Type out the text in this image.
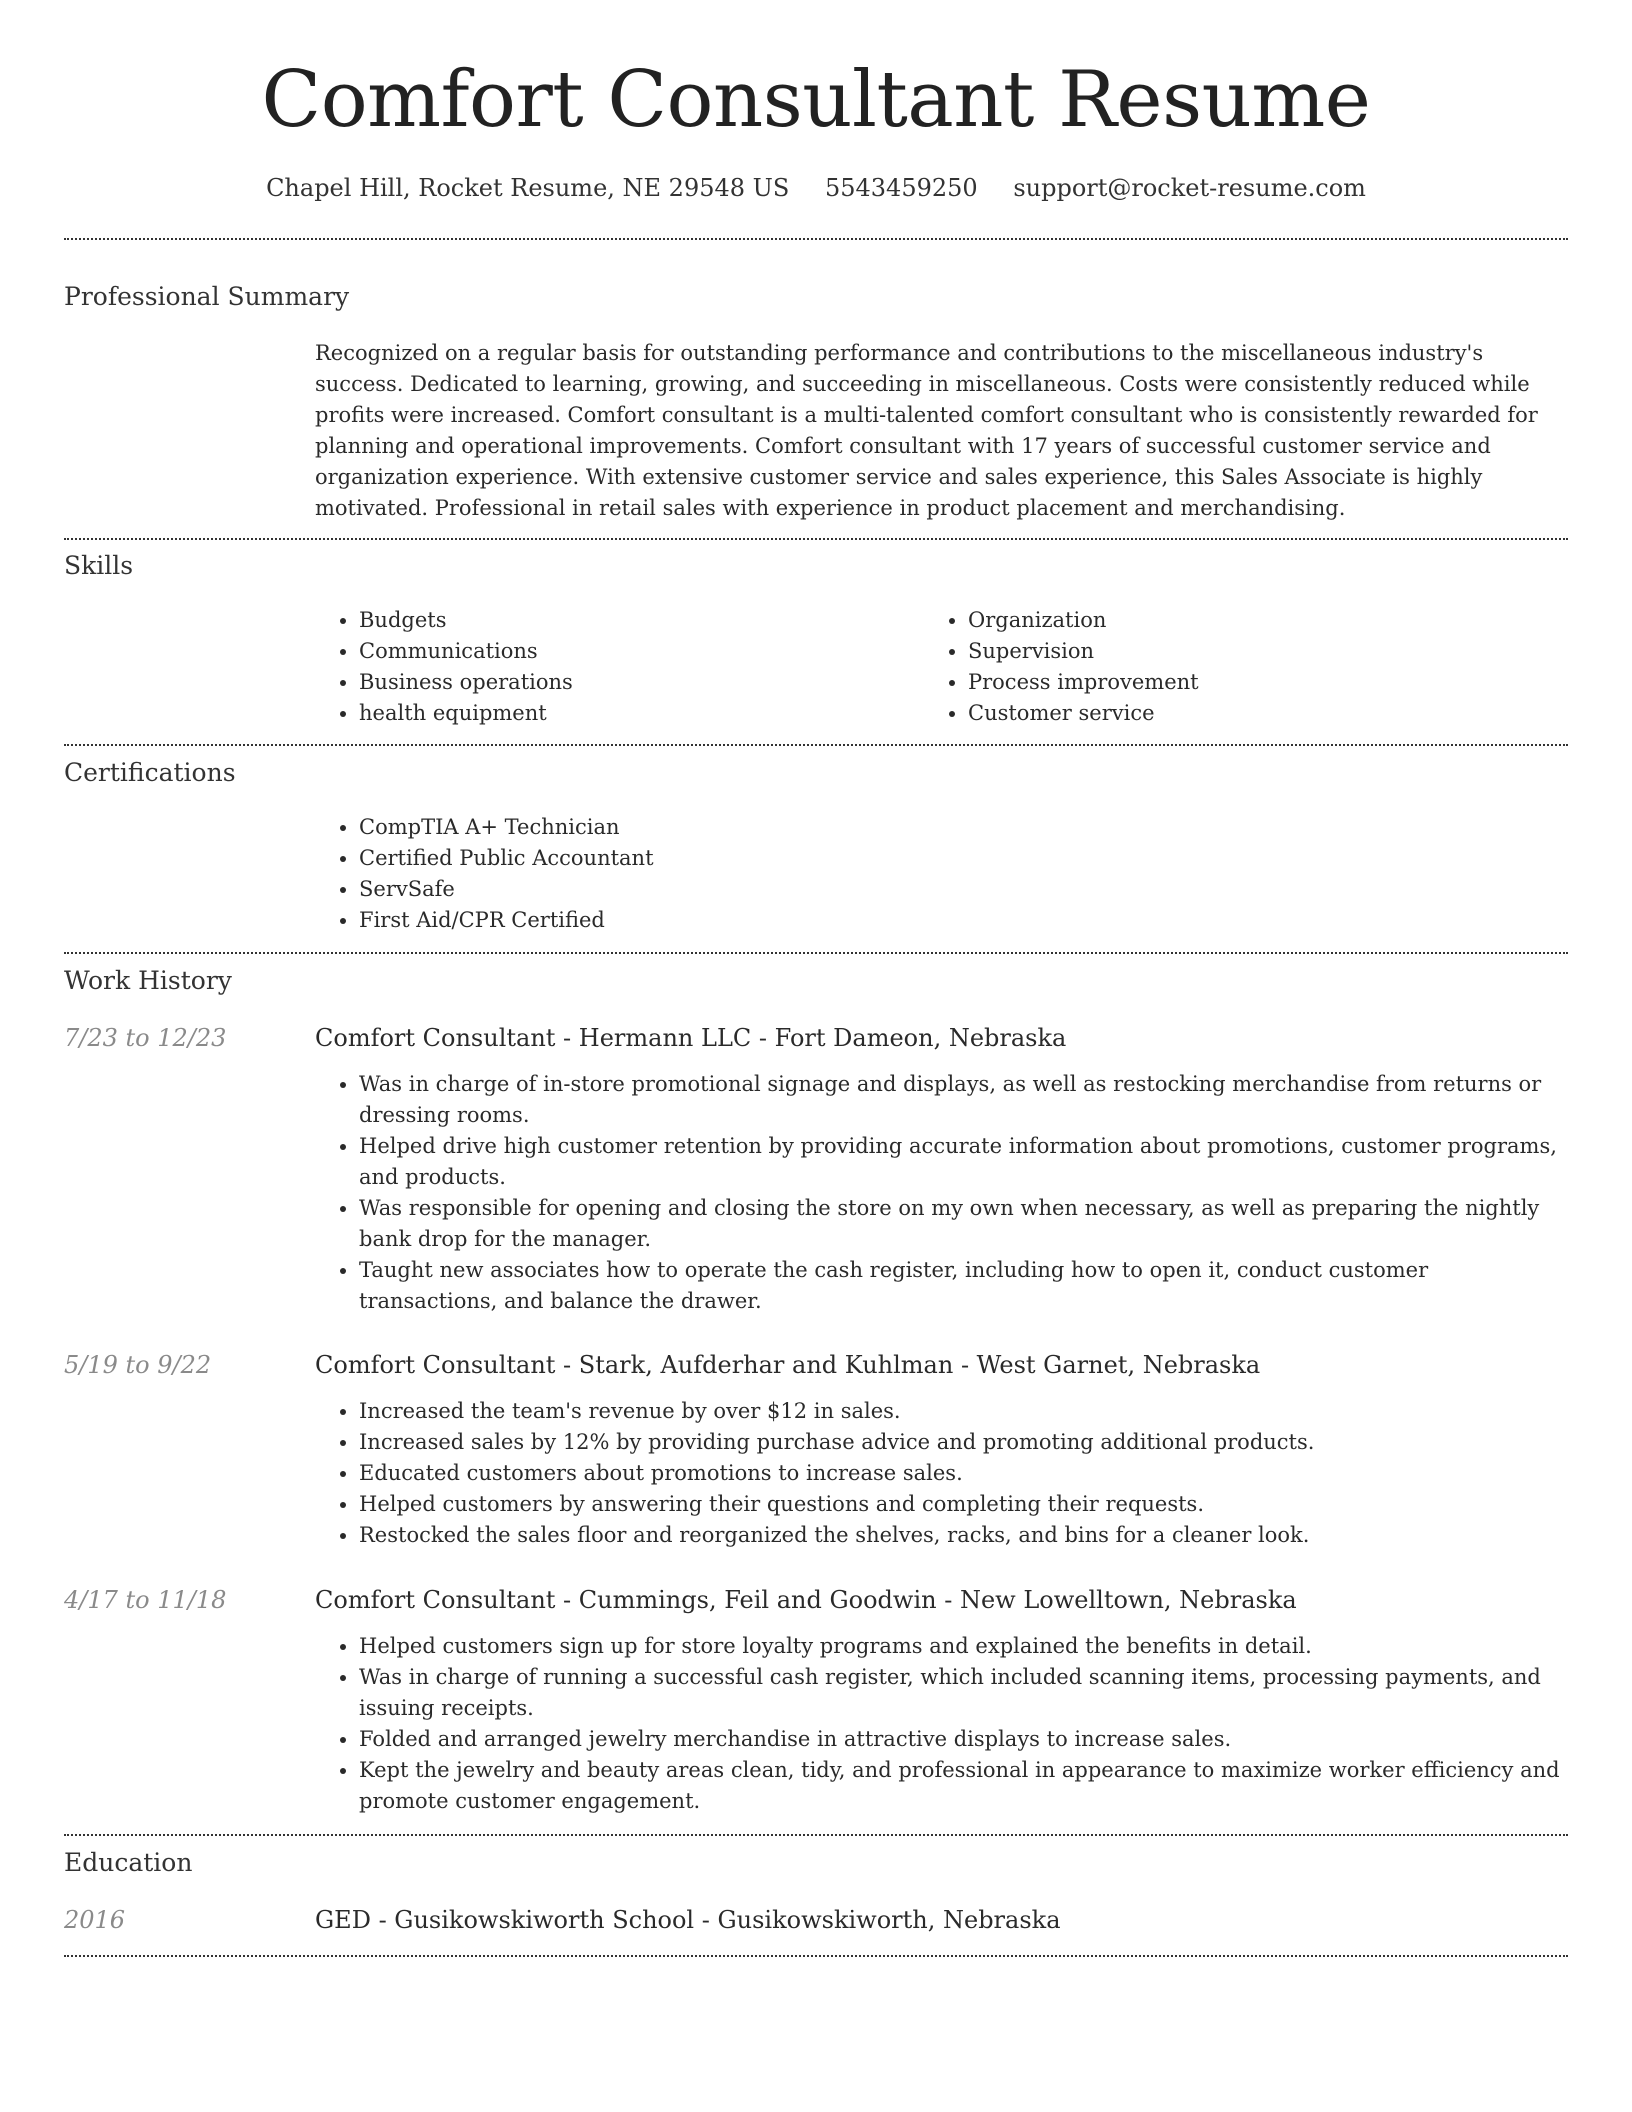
Comfort Consultant Resume
Chapel Hill, Rocket Resume, NE 29548 US 5543459250 support@rocket-resume.com
Professional Summary

Recognized on a regular basis for outstanding performance and contributions to the miscellaneous industry's success. Dedicated to learning, growing, and succeeding in miscellaneous. Costs were consistently reduced while profits were increased. Comfort consultant is a multi-talented comfort consultant who is consistently rewarded for planning and operational improvements. Comfort consultant with 17 years of successful customer service and organization experience. With extensive customer service and sales experience, this Sales Associate is highly motivated. Professional in retail sales with experience in product placement and merchandising.

Skills
• Budgets
• Communications
• Business operations
• health equipment
• Organization
• Supervision
• Process improvement
• Customer service
Certifications
• CompTIA A+ Technician
• Certified Public Accountant
• ServSafe
• First Aid/CPR Certified
Work History
7/23 to 12/23	Comfort Consultant - Hermann LLC - Fort Dameon, Nebraska

• Was in charge of in-store promotional signage and displays, as well as restocking merchandise from returns or dressing rooms.
• Helped drive high customer retention by providing accurate information about promotions, customer programs, and products.
• Was responsible for opening and closing the store on my own when necessary, as well as preparing the nightly bank drop for the manager.
• Taught new associates how to operate the cash register, including how to open it, conduct customer transactions, and balance the drawer.
5/19 to 9/22	Comfort Consultant - Stark, Aufderhar and Kuhlman - West Garnet, Nebraska

• Increased the team's revenue by over $12 in sales.
• Increased sales by 12% by providing purchase advice and promoting additional products.
• Educated customers about promotions to increase sales.
• Helped customers by answering their questions and completing their requests.
• Restocked the sales floor and reorganized the shelves, racks, and bins for a cleaner look.
4/17 to 11/18	Comfort Consultant - Cummings, Feil and Goodwin - New Lowelltown, Nebraska

• Helped customers sign up for store loyalty programs and explained the benefits in detail.
• Was in charge of running a successful cash register, which included scanning items, processing payments, and issuing receipts.
• Folded and arranged jewelry merchandise in attractive displays to increase sales.
• Kept the jewelry and beauty areas clean, tidy, and professional in appearance to maximize worker efficiency and promote customer engagement.
Education
2016	GED - Gusikowskiworth School - Gusikowskiworth, Nebraska
